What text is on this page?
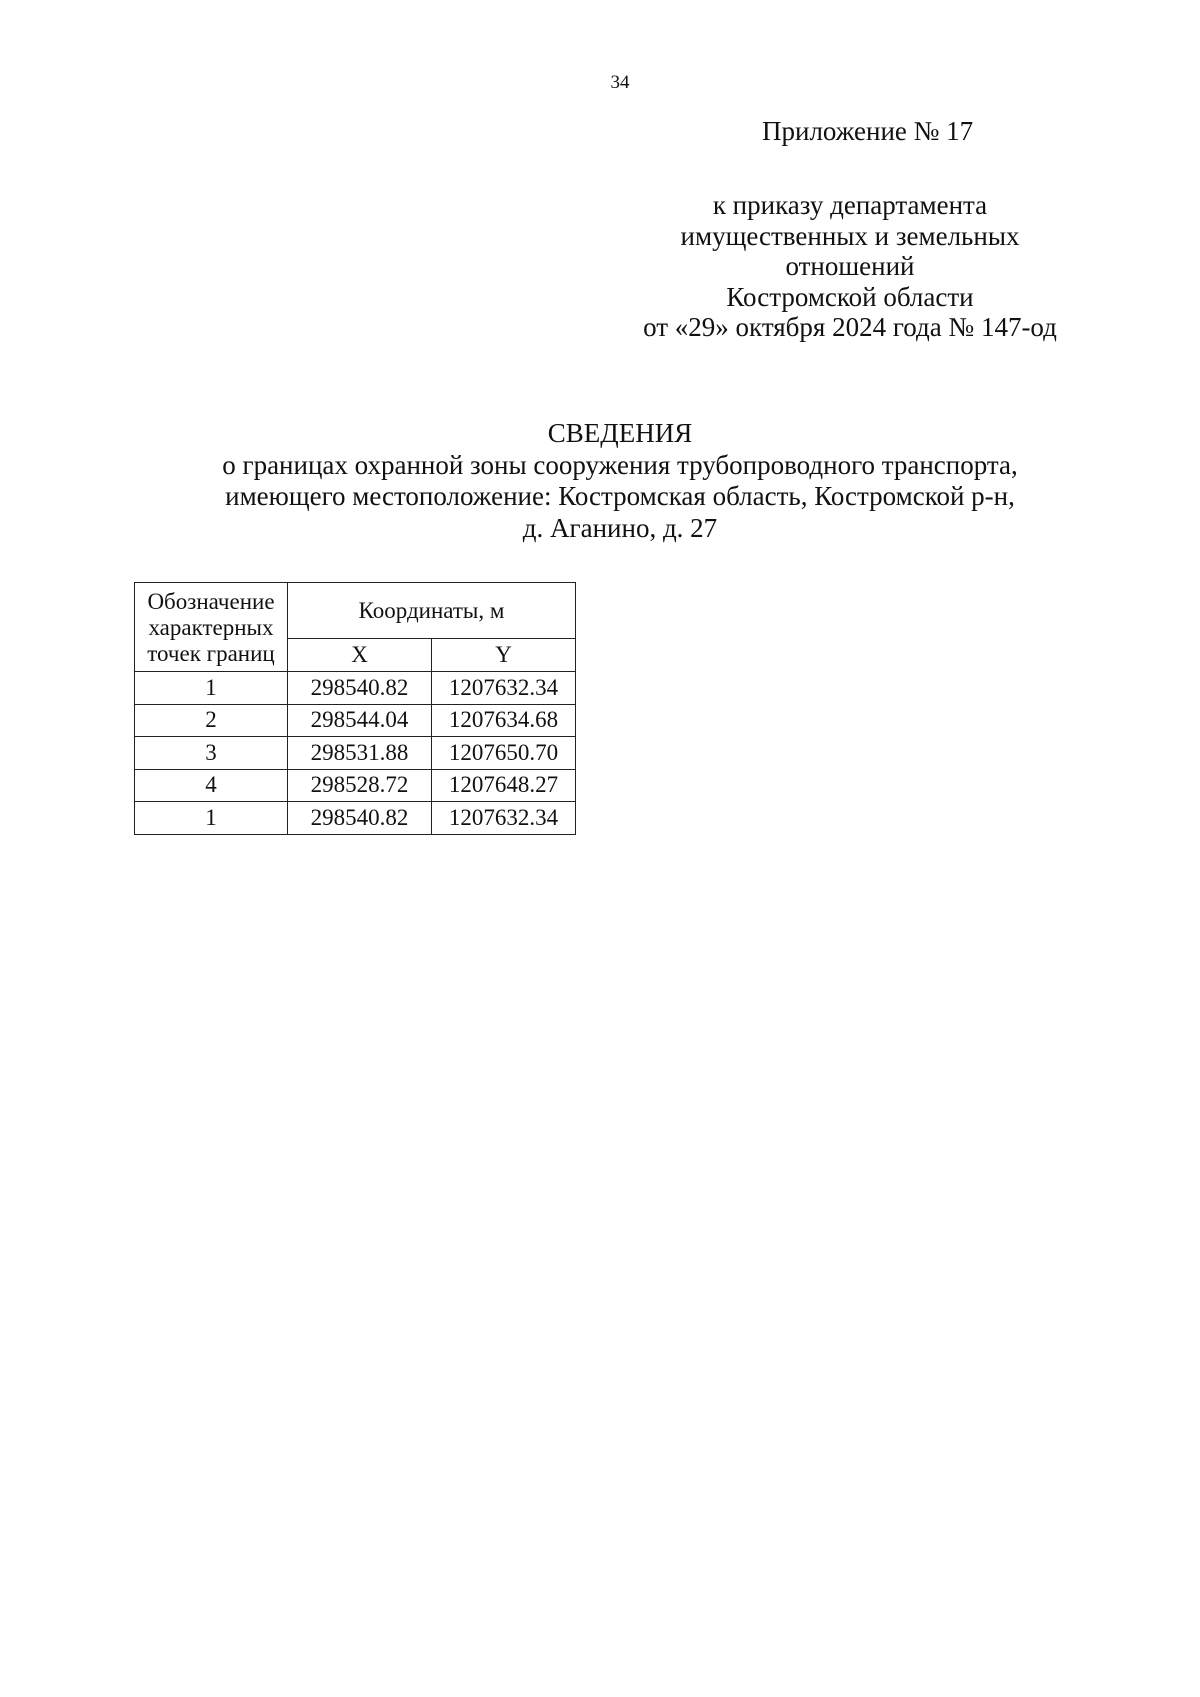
34
Приложение № 17
к приказу департамента
имущественных и земельных
отношений
Костромской области
от «29» октября 2024 года № 147-од
СВЕДЕНИЯ
о границах охранной зоны сооружения трубопроводного транспорта,
имеющего местоположение: Костромская область, Костромской р-н,
д. Аганино, д. 27
Обозначение
характерных
точек границ	Координаты, м	
	X	Y
1	298540.82	1207632.34
2	298544.04	1207634.68
3	298531.88	1207650.70
4	298528.72	1207648.27
1	298540.82	1207632.34
